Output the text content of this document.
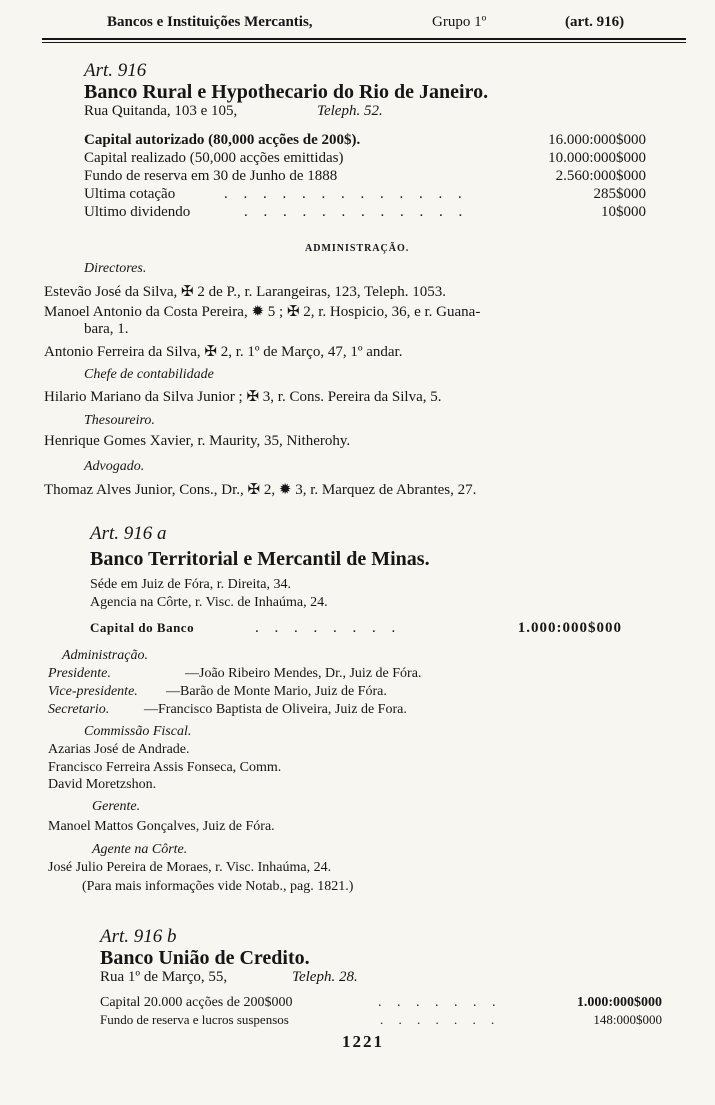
Bancos e Instituições Mercantis,	Grupo 1º	(art. 916)
Art. 916
Banco Rural e Hypothecario do Rio de Janeiro.
Rua Quitanda, 103 e 105,	Teleph. 52.
Capital autorizado (80,000 acções de 200$).	16.000:000$000
Capital realizado (50,000 acções emittidas)	10.000:000$000
Fundo de reserva em 30 de Junho de 1888	2.560:000$000
Ultima cotação	. . . . . . . . . . . . .	285$000
Ultimo dividendo	. . . . . . . . . . . .	10$000
ADMINISTRAÇÃO.
Directores.
Estevão José da Silva, ✠ 2 de P., r. Larangeiras, 123, Teleph. 1053.
Manoel Antonio da Costa Pereira, ✹ 5 ; ✠ 2, r. Hospicio, 36, e r. Guana-
bara, 1.
Antonio Ferreira da Silva, ✠ 2, r. 1º de Março, 47, 1º andar.
Chefe de contabilidade
Hilario Mariano da Silva Junior ; ✠ 3, r. Cons. Pereira da Silva, 5.
Thesoureiro.
Henrique Gomes Xavier, r. Maurity, 35, Nitherohy.
Advogado.
Thomaz Alves Junior, Cons., Dr., ✠ 2, ✹ 3, r. Marquez de Abrantes, 27.
Art. 916 a
Banco Territorial e Mercantil de Minas.
Séde em Juiz de Fóra, r. Direita, 34.
Agencia na Côrte, r. Visc. de Inhaúma, 24.
Capital do Banco	. . . . . . . .	1.000:000$000
Administração.
Presidente.	—João Ribeiro Mendes, Dr., Juiz de Fóra.
Vice-presidente. —Barão de Monte Mario, Juiz de Fóra.
Secretario. —Francisco Baptista de Oliveira, Juiz de Fora.
Commissão Fiscal.
Azarias José de Andrade.
Francisco Ferreira Assis Fonseca, Comm.
David Moretzshon.
Gerente.
Manoel Mattos Gonçalves, Juiz de Fóra.
Agente na Côrte.
José Julio Pereira de Moraes, r. Visc. Inhaúma, 24.
(Para mais informações vide Notab., pag. 1821.)
Art. 916 b
Banco União de Credito.
Rua 1º de Março, 55,	Teleph. 28.
Capital 20.000 acções de 200$000	. . . . . . .	1.000:000$000
Fundo de reserva e lucros suspensos	. . . . . . .	148:000$000
1221
